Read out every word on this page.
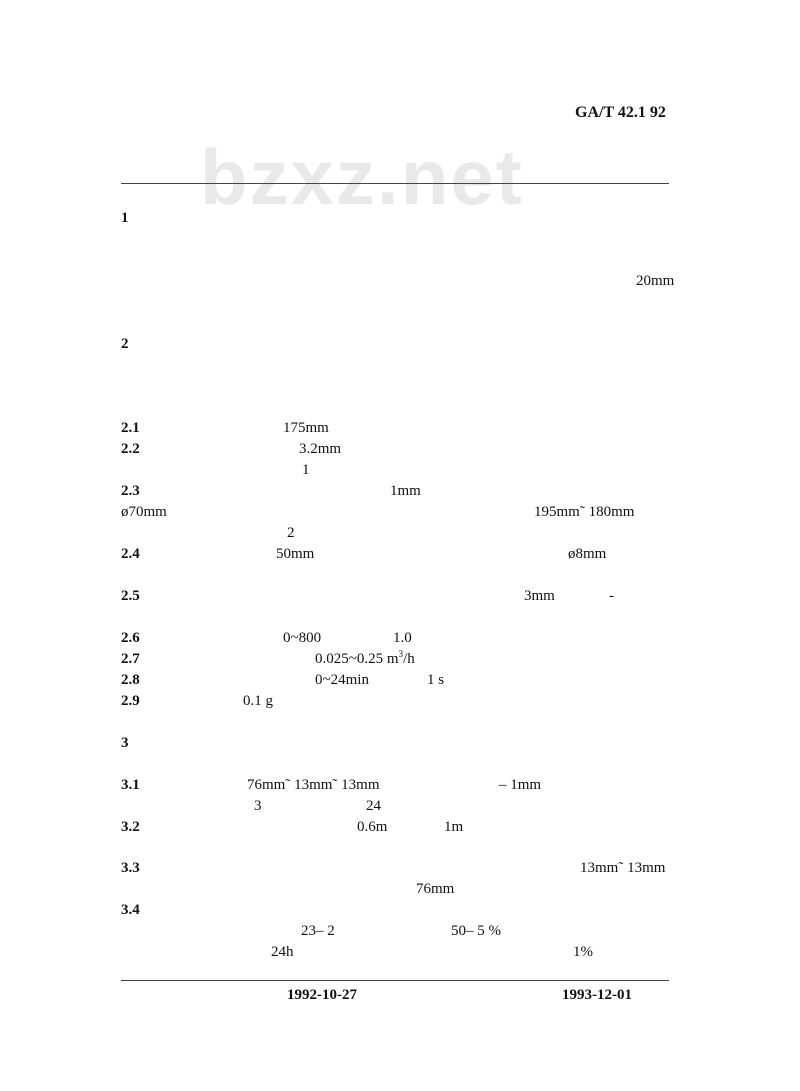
GA/T 42.1 92
bzxz.net
1
20mm
2
2.1	175mm
2.2	3.2mm
1
2.3	1mm
ø70mm	195mm˜ 180mm
2
2.4	50mm	ø8mm
2.5	3mm	-
2.6	0~800	1.0
2.7	0.025~0.25 $m^3/h$
2.8	0~24min	1 s
2.9	0.1 g
3
3.1	76mm˜ 13mm˜ 13mm	– 1mm
3	24
3.2	0.6m	1m
3.3	13mm˜ 13mm
76mm
3.4
23– 2	50– 5 %
24h	1%
1992-10-27	1993-12-01
